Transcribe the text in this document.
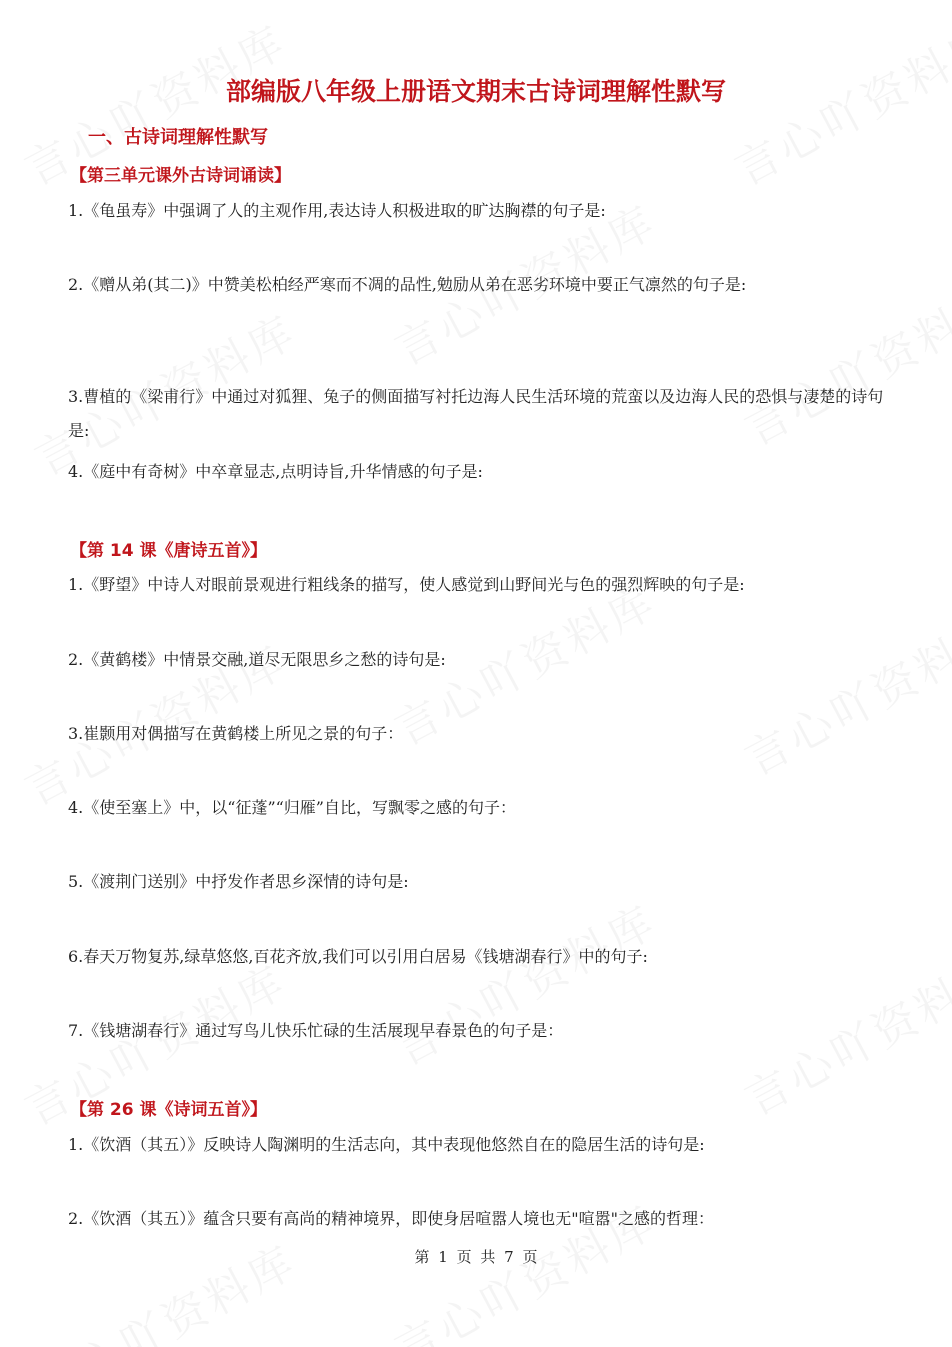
部编版八年级上册语文期末古诗词理解性默写
一、古诗词理解性默写
【第三单元课外古诗词诵读】

1.《龟虽寿》中强调了人的主观作用,表达诗人积极进取的旷达胸襟的句子是:

2.《赠从弟(其二)》中赞美松柏经严寒而不凋的品性,勉励从弟在恶劣环境中要正气凛然的句子是:

3.曹植的《梁甫行》中通过对狐狸、兔子的侧面描写衬托边海人民生活环境的荒蛮以及边海人民的恐惧与凄楚的诗句是:

4.《庭中有奇树》中卒章显志,点明诗旨,升华情感的句子是:

【第 14 课《唐诗五首》】

1.《野望》中诗人对眼前景观进行粗线条的描写，使人感觉到山野间光与色的强烈辉映的句子是:

2.《黄鹤楼》中情景交融,道尽无限思乡之愁的诗句是:

3.崔颢用对偶描写在黄鹤楼上所见之景的句子：

4.《使至塞上》中，以“征蓬”“归雁”自比，写飘零之感的句子：

5.《渡荆门送别》中抒发作者思乡深情的诗句是:

6.春天万物复苏,绿草悠悠,百花齐放,我们可以引用白居易《钱塘湖春行》中的句子:

7.《钱塘湖春行》通过写鸟儿快乐忙碌的生活展现早春景色的句子是：

【第 26 课《诗词五首》】

1.《饮酒（其五）》反映诗人陶渊明的生活志向，其中表现他悠然自在的隐居生活的诗句是:

2.《饮酒（其五）》蕴含只要有高尚的精神境界，即使身居喧嚣人境也无"喧嚣"之感的哲理：

第 1 页 共 7 页
